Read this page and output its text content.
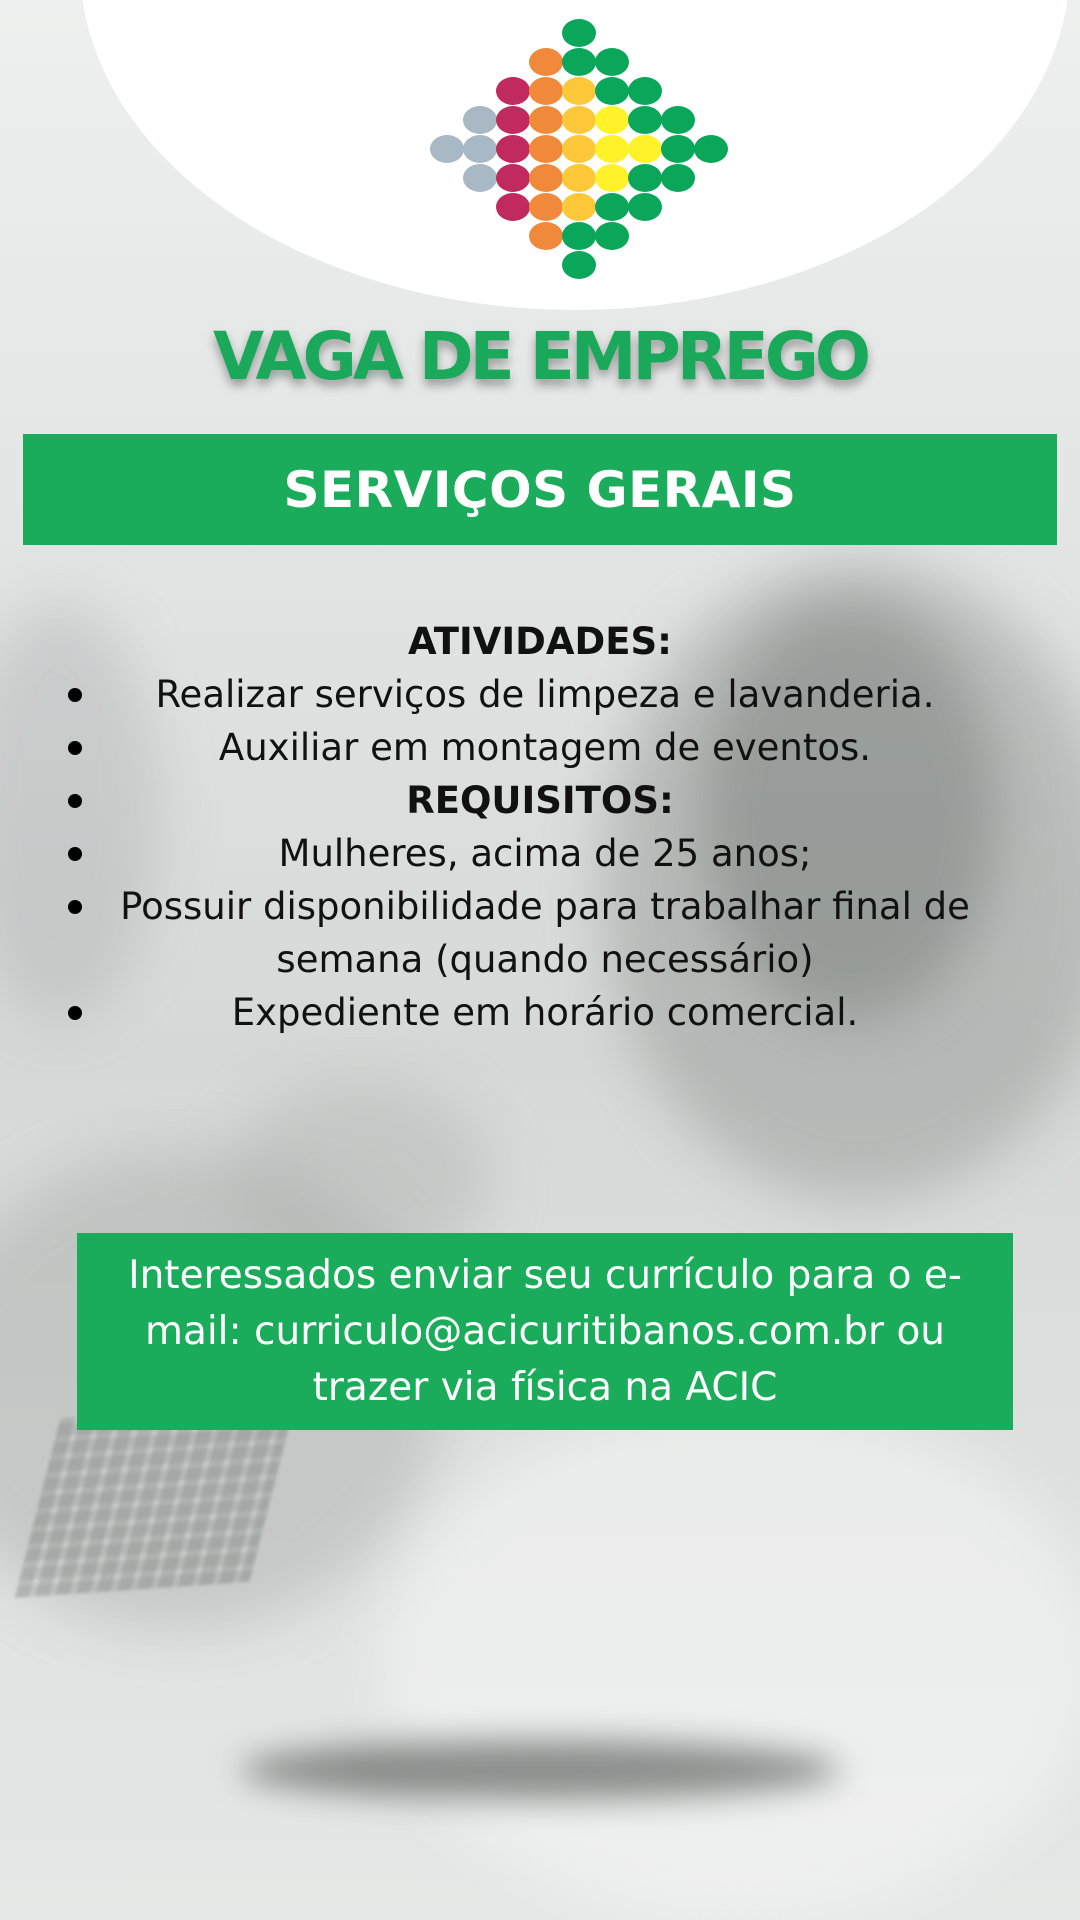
VAGA DE EMPREGO
SERVIÇOS GERAIS
ATIVIDADES:
Realizar serviços de limpeza e lavanderia.
Auxiliar em montagem de eventos.
REQUISITOS:
Mulheres, acima de 25 anos;
Possuir disponibilidade para trabalhar final de semana (quando necessário)
Expediente em horário comercial.

Interessados enviar seu currículo para o e-mail: curriculo@acicuritibanos.com.br ou trazer via física na ACIC
